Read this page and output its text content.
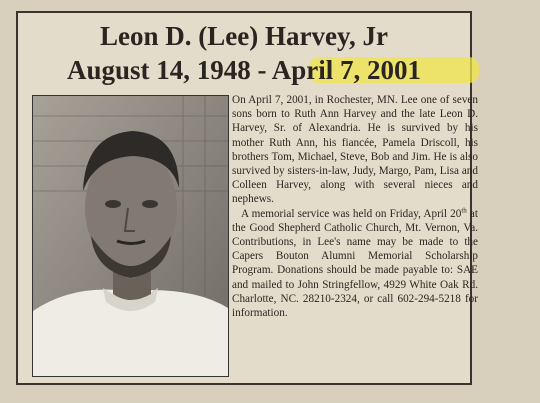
Leon D. (Lee) Harvey, Jr
August 14, 1948 - April 7, 2001

On April 7, 2001, in Rochester, MN. Lee one of seven sons born to Ruth Ann Harvey and the late Leon D. Harvey, Sr. of Alexandria. He is survived by his mother Ruth Ann, his fiancée, Pamela Driscoll, his brothers Tom, Michael, Steve, Bob and Jim. He is also survived by sisters-in-law, Judy, Margo, Pam, Lisa and Colleen Harvey, along with several nieces and nephews.

A memorial service was held on Friday, April 20th at the Good Shepherd Catholic Church, Mt. Vernon, Va. Contributions, in Lee's name may be made to the Capers Bouton Alumni Memorial Scholarship Program. Donations should be made payable to: SAE and mailed to John Stringfellow, 4929 White Oak Rd. Charlotte, NC. 28210-2324, or call 602-294-5218 for information.
